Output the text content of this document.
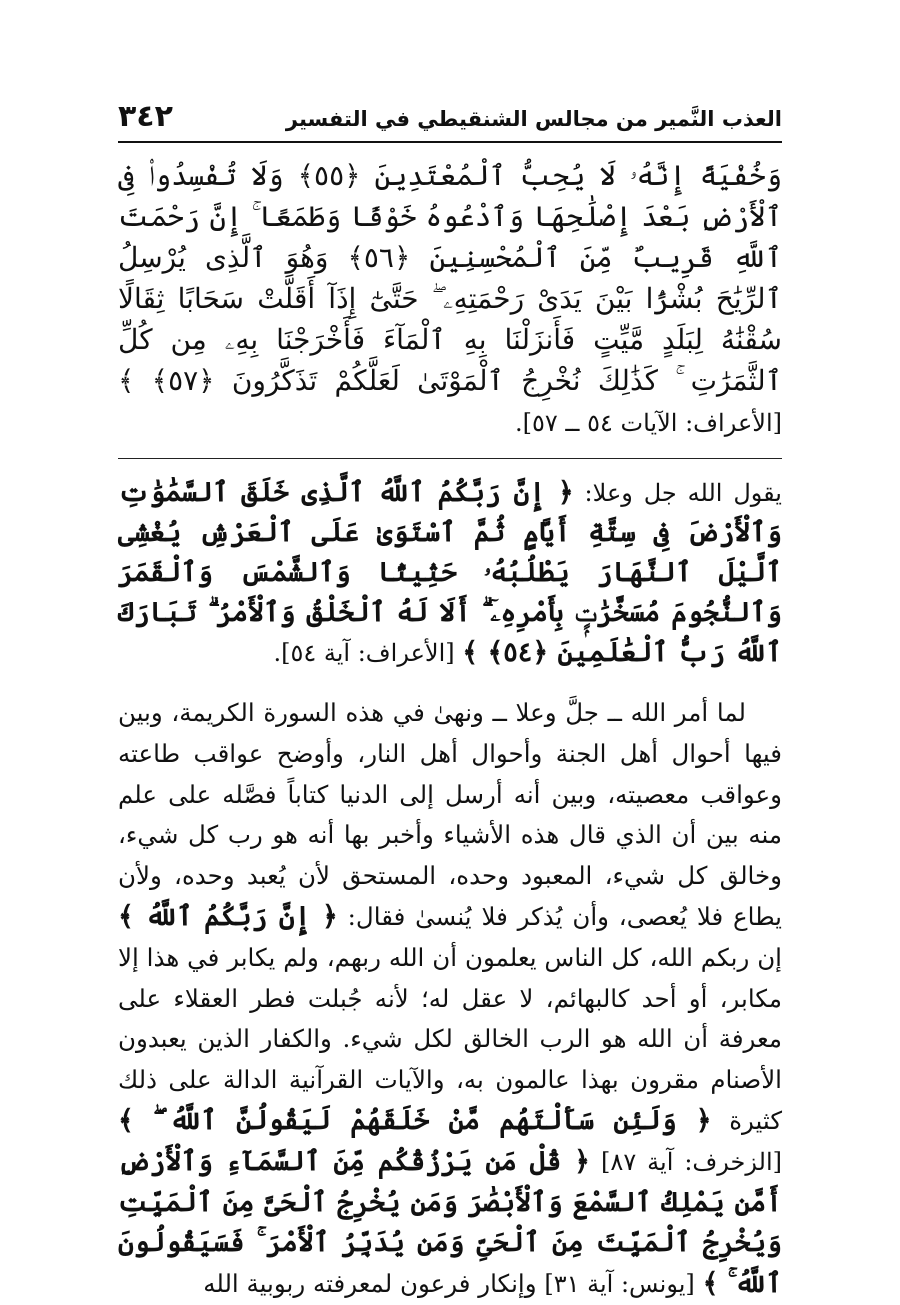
العذب النَّمير من مجالس الشنقيطي في التفسير
٣٤٢
وَخُفْيَةً إِنَّهُۥ لَا يُحِبُّ ٱلْمُعْتَدِينَ ﴿٥٥﴾ وَلَا تُفْسِدُوا۟ فِى ٱلْأَرْضِ بَعْدَ إِصْلَٰحِهَا وَٱدْعُوهُ خَوْفًا وَطَمَعًا ۚ إِنَّ رَحْمَتَ ٱللَّهِ قَرِيبٌ مِّنَ ٱلْمُحْسِنِينَ ﴿٥٦﴾ وَهُوَ ٱلَّذِى يُرْسِلُ ٱلرِّيَٰحَ بُشْرًۢا بَيْنَ يَدَىْ رَحْمَتِهِۦ ۖ حَتَّىٰٓ إِذَآ أَقَلَّتْ سَحَابًا ثِقَالًا سُقْنَٰهُ لِبَلَدٍ مَّيِّتٍ فَأَنزَلْنَا بِهِ ٱلْمَآءَ فَأَخْرَجْنَا بِهِۦ مِن كُلِّ ٱلثَّمَرَٰتِ ۚ كَذَٰلِكَ نُخْرِجُ ٱلْمَوْتَىٰ لَعَلَّكُمْ تَذَكَّرُونَ ﴿٥٧﴾ ﴾ [الأعراف: الآيات ٥٤ ــ ٥٧].

يقول الله جل وعلا: ﴿ إِنَّ رَبَّكُمُ ٱللَّهُ ٱلَّذِى خَلَقَ ٱلسَّمَٰوَٰتِ وَٱلْأَرْضَ فِى سِتَّةِ أَيَّامٍ ثُمَّ ٱسْتَوَىٰ عَلَى ٱلْعَرْشِ يُغْشِى ٱلَّيْلَ ٱلنَّهَارَ يَطْلُبُهُۥ حَثِيثًا وَٱلشَّمْسَ وَٱلْقَمَرَ وَٱلنُّجُومَ مُسَخَّرَٰتٍۭ بِأَمْرِهِۦٓ ۗ أَلَا لَهُ ٱلْخَلْقُ وَٱلْأَمْرُ ۗ تَبَارَكَ ٱللَّهُ رَبُّ ٱلْعَٰلَمِينَ ﴿٥٤﴾ ﴾ [الأعراف: آية ٥٤].

لما أمر الله ــ جلَّ وعلا ــ ونهىٰ في هذه السورة الكريمة، وبين فيها أحوال أهل الجنة وأحوال أهل النار، وأوضح عواقب طاعته وعواقب معصيته، وبين أنه أرسل إلى الدنيا كتاباً فصَّله على علم منه بين أن الذي قال هذه الأشياء وأخبر بها أنه هو رب كل شيء، وخالق كل شيء، المعبود وحده، المستحق لأن يُعبد وحده، ولأن يطاع فلا يُعصى، وأن يُذكر فلا يُنسىٰ فقال: ﴿ إِنَّ رَبَّكُمُ ٱللَّهُ ﴾ إن ربكم الله، كل الناس يعلمون أن الله ربهم، ولم يكابر في هذا إلا مكابر، أو أحد كالبهائم، لا عقل له؛ لأنه جُبلت فطر العقلاء على معرفة أن الله هو الرب الخالق لكل شيء. والكفار الذين يعبدون الأصنام مقرون بهذا عالمون به، والآيات القرآنية الدالة على ذلك كثيرة ﴿ وَلَئِن سَأَلْتَهُم مَّنْ خَلَقَهُمْ لَيَقُولُنَّ ٱللَّهُ ۖ ﴾ [الزخرف: آية ٨٧] ﴿ قُلْ مَن يَرْزُقُكُم مِّنَ ٱلسَّمَآءِ وَٱلْأَرْضِ أَمَّن يَمْلِكُ ٱلسَّمْعَ وَٱلْأَبْصَٰرَ وَمَن يُخْرِجُ ٱلْحَىَّ مِنَ ٱلْمَيِّتِ وَيُخْرِجُ ٱلْمَيِّتَ مِنَ ٱلْحَىِّ وَمَن يُدَبِّرُ ٱلْأَمْرَ ۚ فَسَيَقُولُونَ ٱللَّهُ ۚ ﴾ [يونس: آية ٣١] وإنكار فرعون لمعرفته ربوبية الله
